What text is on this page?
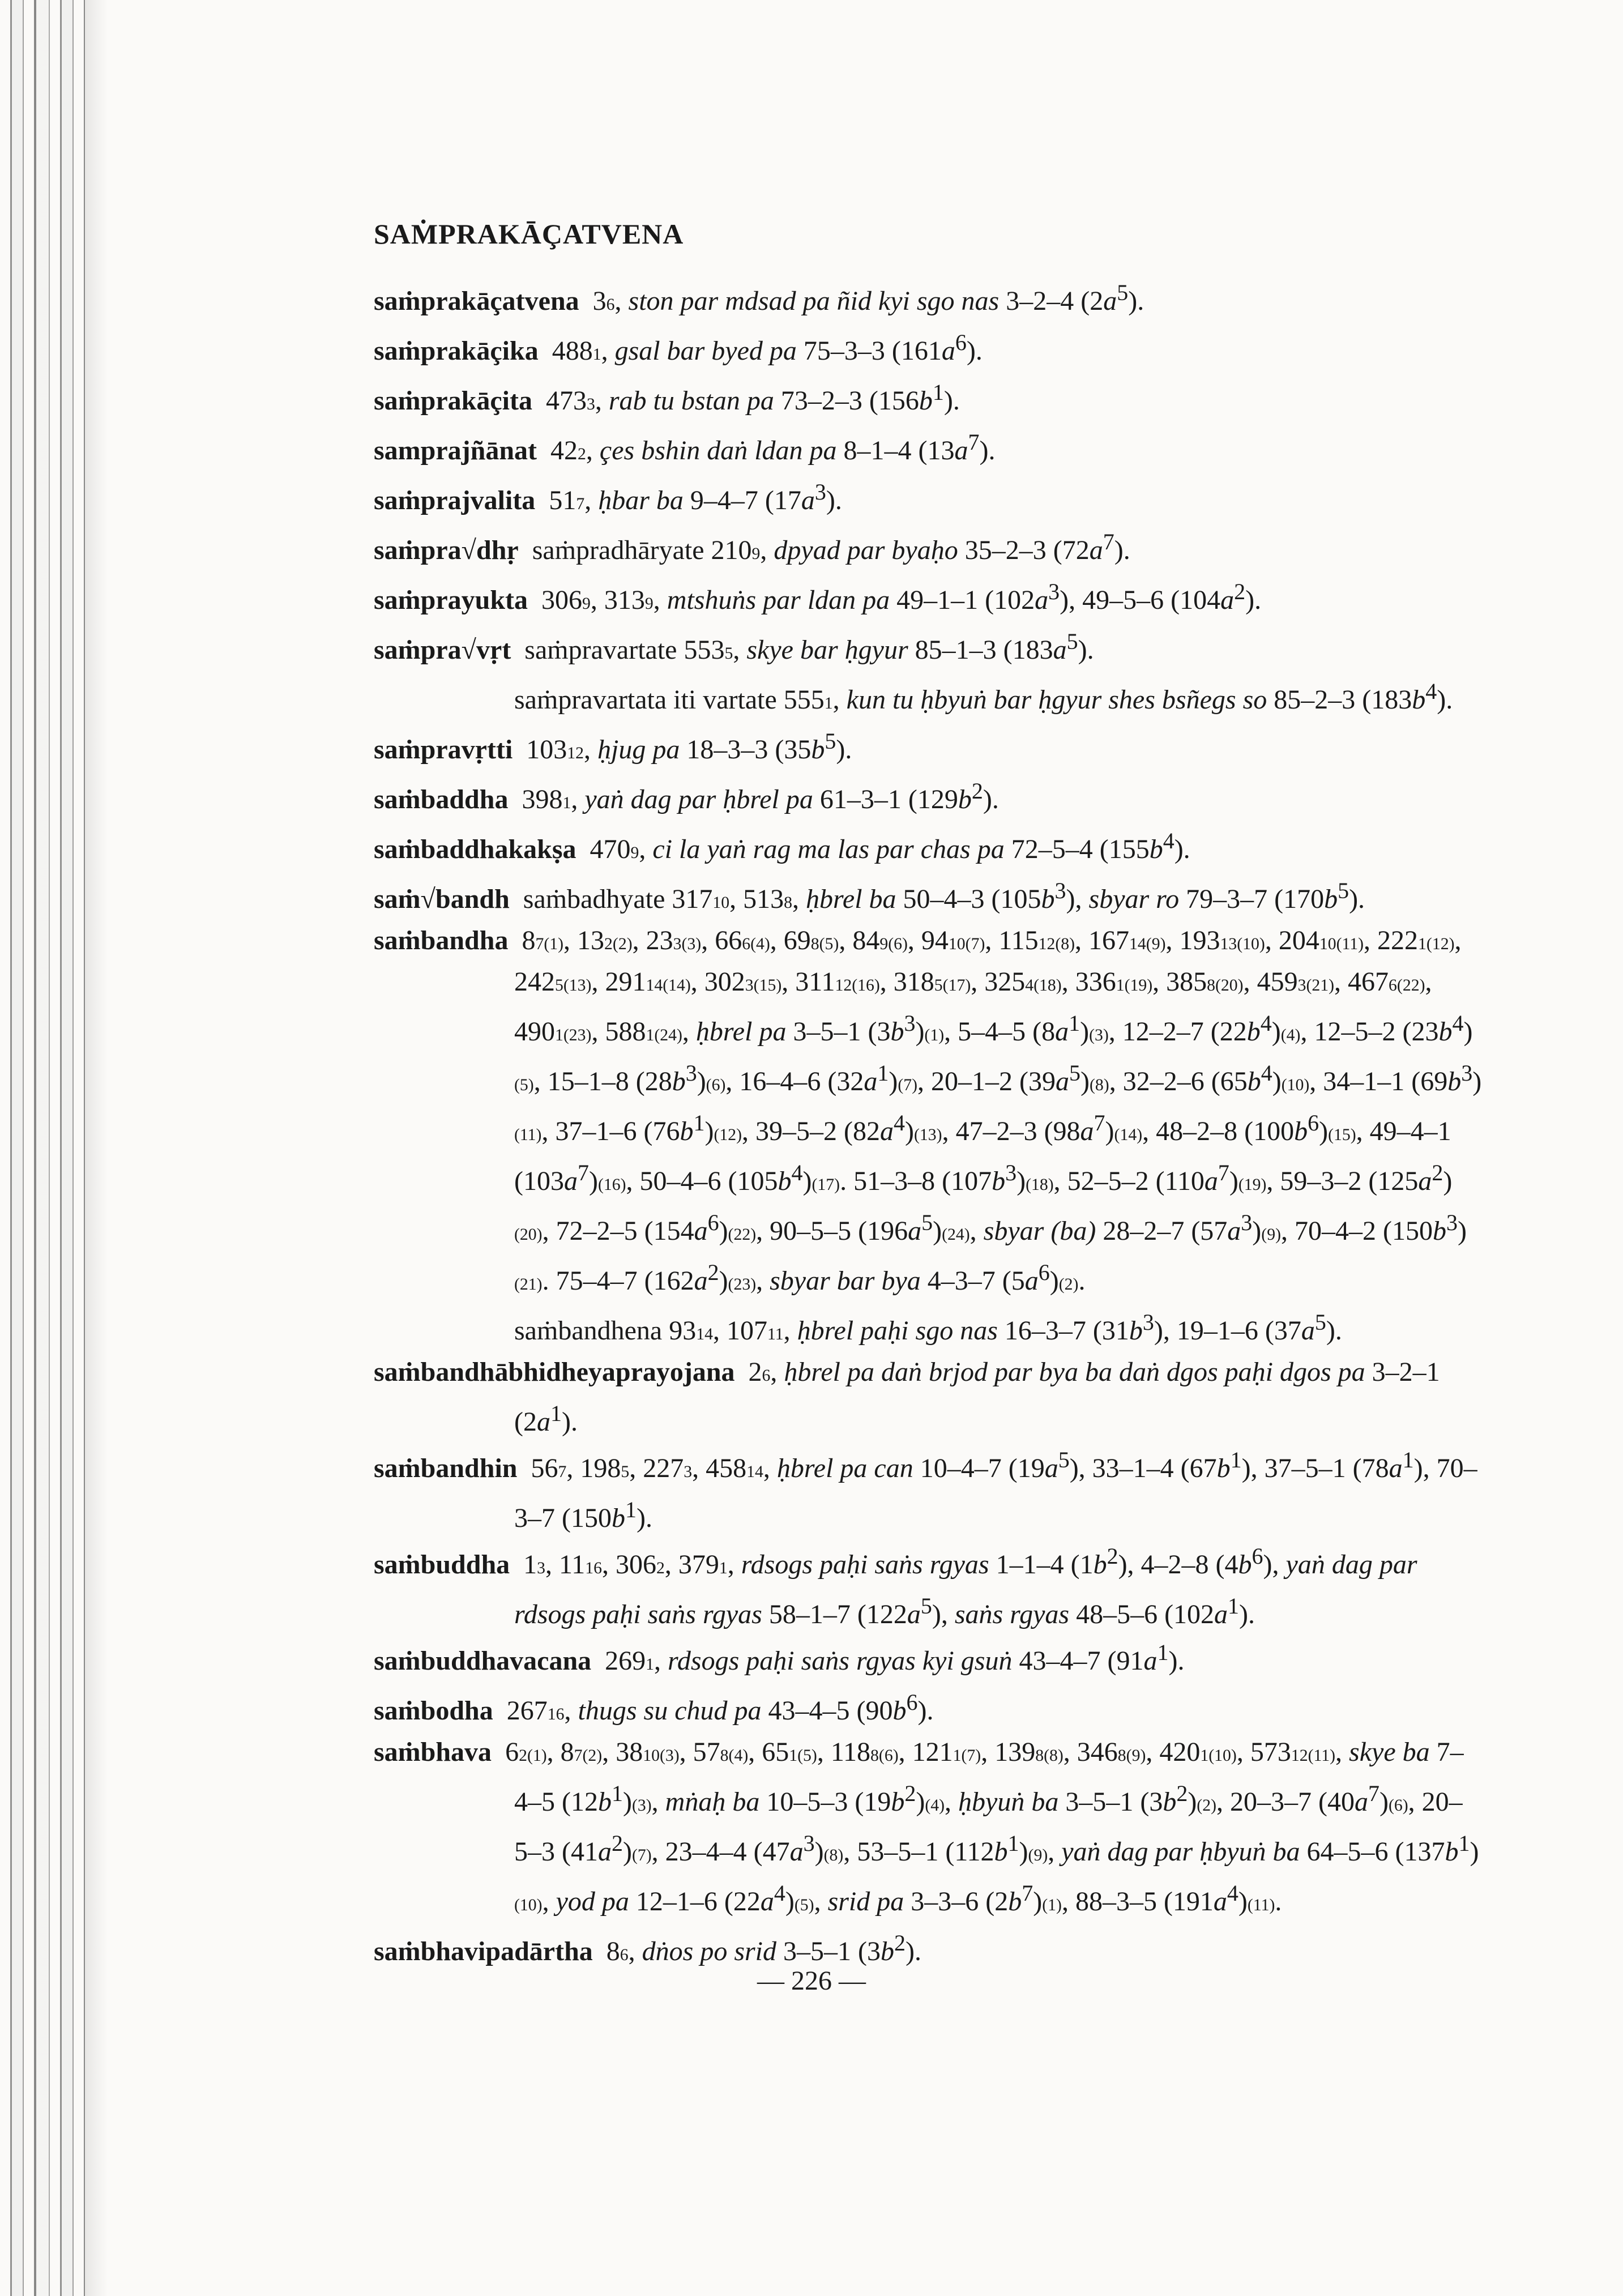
SAṀPRAKĀÇATVENA

saṁprakāçatvena  36, ston par mdsad pa ñid kyi sgo nas 3–2–4 $(2a^5)$.

saṁprakāçika  4881, gsal bar byed pa 75–3–3 $(161a^6)$.

saṁprakāçita  4733, rab tu bstan pa 73–2–3 $(156b^1)$.

samprajñānat  422, çes bshin daṅ ldan pa 8–1–4 $(13a^7)$.

saṁprajvalita  517, ḥbar ba 9–4–7 $(17a^3)$.

saṁpra√dhṛ  saṁpradhāryate 2109, dpyad par byaḥo 35–2–3 $(72a^7)$.

saṁprayukta  3069, 3139, mtshuṅs par ldan pa 49–1–1 $(102a^3)$, 49–5–6 $(104a^2)$.

saṁpra√vṛt  saṁpravartate 5535, skye bar ḥgyur 85–1–3 $(183a^5)$.

saṁpravartata iti vartate 5551, kun tu ḥbyuṅ bar ḥgyur shes bsñegs so 85–2–3 $(183b^4)$.

saṁpravṛtti  10312, ḥjug pa 18–3–3 $(35b^5)$.

saṁbaddha  3981, yaṅ dag par ḥbrel pa 61–3–1 $(129b^2)$.

saṁbaddhakakṣa  4709, ci la yaṅ rag ma las par chas pa 72–5–4 $(155b^4)$.

saṁ√bandh  saṁbadhyate 31710, 5138, ḥbrel ba 50–4–3 $(105b^3)$, sbyar ro 79–3–7 $(170b^5)$.

saṁbandha  87(1), 132(2), 233(3), 666(4), 698(5), 849(6), 9410(7), 11512(8), 16714(9), 19313(10), 20410(11), 2221(12), 2425(13), 29114(14), 3023(15), 31112(16), 3185(17), 3254(18), 3361(19), 3858(20), 4593(21), 4676(22), 4901(23), 5881(24), ḥbrel pa 3–5–1 $(3b^3)(1)$, 5–4–5 $(8a^1)(3)$, 12–2–7 $(22b^4)(4)$, 12–5–2 $(23b^4)(5)$, 15–1–8 $(28b^3)(6)$, 16–4–6 $(32a^1)(7)$, 20–1–2 $(39a^5)(8)$, 32–2–6 $(65b^4)(10)$, 34–1–1 $(69b^3)(11)$, 37–1–6 $(76b^1)(12)$, 39–5–2 $(82a^4)(13)$, 47–2–3 $(98a^7)(14)$, 48–2–8 $(100b^6)(15)$, 49–4–1 $(103a^7)(16)$, 50–4–6 $(105b^4)(17)$. 51–3–8 $(107b^3)(18)$, 52–5–2 $(110a^7)(19)$, 59–3–2 $(125a^2)(20)$, 72–2–5 $(154a^6)(22)$, 90–5–5 $(196a^5)(24)$, sbyar (ba) 28–2–7 $(57a^3)(9)$, 70–4–2 $(150b^3)(21)$. 75–4–7 $(162a^2)(23)$, sbyar bar bya 4–3–7 $(5a^6)(2)$.

saṁbandhena 9314, 10711, ḥbrel paḥi sgo nas 16–3–7 $(31b^3)$, 19–1–6 $(37a^5)$.

saṁbandhābhidheyaprayojana  26, ḥbrel pa daṅ brjod par bya ba daṅ dgos paḥi dgos pa 3–2–1 $(2a^1)$.

saṁbandhin  567, 1985, 2273, 45814, ḥbrel pa can 10–4–7 $(19a^5)$, 33–1–4 $(67b^1)$, 37–5–1 $(78a^1)$, 70–3–7 $(150b^1)$.

saṁbuddha  13, 1116, 3062, 3791, rdsogs paḥi saṅs rgyas 1–1–4 $(1b^2)$, 4–2–8 $(4b^6)$, yaṅ dag par rdsogs paḥi saṅs rgyas 58–1–7 $(122a^5)$, saṅs rgyas 48–5–6 $(102a^1)$.

saṁbuddhavacana  2691, rdsogs paḥi saṅs rgyas kyi gsuṅ 43–4–7 $(91a^1)$.

saṁbodha  26716, thugs su chud pa 43–4–5 $(90b^6)$.

saṁbhava  62(1), 87(2), 3810(3), 578(4), 651(5), 1188(6), 1211(7), 1398(8), 3468(9), 4201(10), 57312(11), skye ba 7–4–5 $(12b^1)(3)$, mṅaḥ ba 10–5–3 $(19b^2)(4)$, ḥbyuṅ ba 3–5–1 $(3b^2)(2)$, 20–3–7 $(40a^7)(6)$, 20–5–3 $(41a^2)(7)$, 23–4–4 $(47a^3)(8)$, 53–5–1 $(112b^1)(9)$, yaṅ dag par ḥbyuṅ ba 64–5–6 $(137b^1)(10)$, yod pa 12–1–6 $(22a^4)(5)$, srid pa 3–3–6 $(2b^7)(1)$, 88–3–5 $(191a^4)(11)$.

saṁbhavipadārtha  86, dṅos po srid 3–5–1 $(3b^2)$.

— 226 —
